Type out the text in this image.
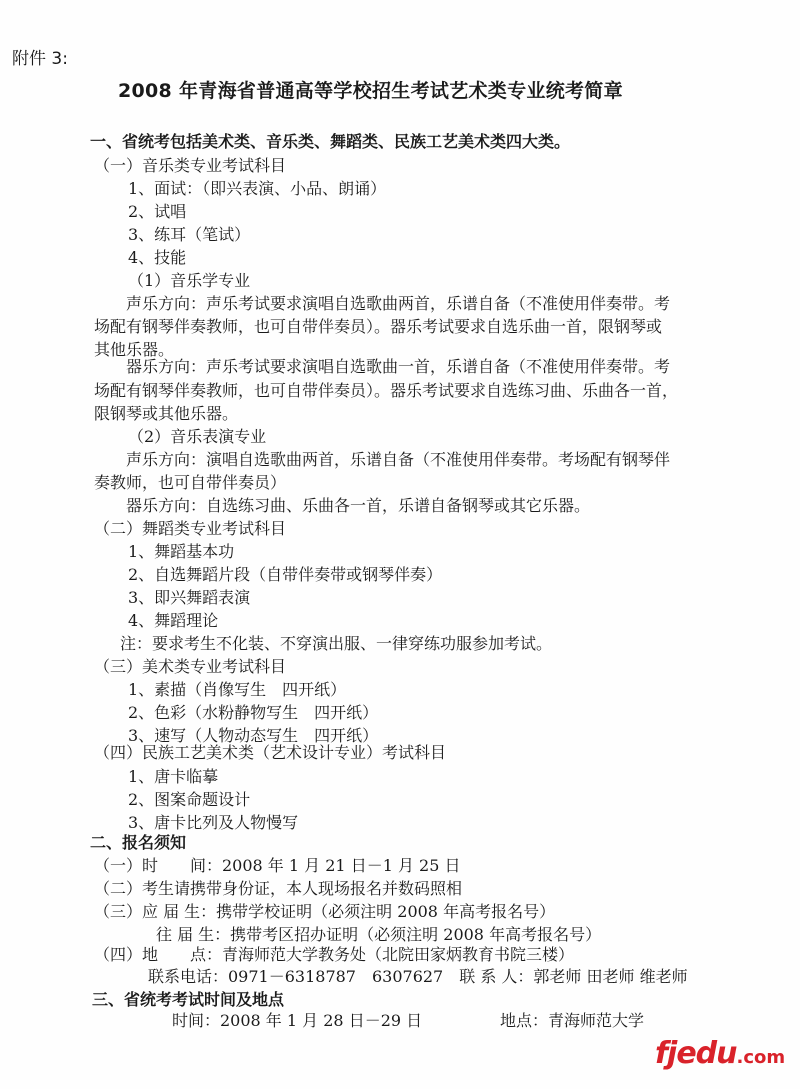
附件 3:
2008 年青海省普通高等学校招生考试艺术类专业统考简章
一、省统考包括美术类、音乐类、舞蹈类、民族工艺美术类四大类。
（一）音乐类专业考试科目
1、面试：（即兴表演、小品、朗诵）
2、试唱
3、练耳（笔试）
4、技能
（1）音乐学专业
声乐方向：声乐考试要求演唱自选歌曲两首，乐谱自备（不准使用伴奏带。考
场配有钢琴伴奏教师，也可自带伴奏员）。器乐考试要求自选乐曲一首，限钢琴或
其他乐器。
器乐方向：声乐考试要求演唱自选歌曲一首，乐谱自备（不准使用伴奏带。考
场配有钢琴伴奏教师，也可自带伴奏员）。器乐考试要求自选练习曲、乐曲各一首，
限钢琴或其他乐器。
（2）音乐表演专业
声乐方向：演唱自选歌曲两首，乐谱自备（不准使用伴奏带。考场配有钢琴伴
奏教师，也可自带伴奏员）
器乐方向：自选练习曲、乐曲各一首，乐谱自备钢琴或其它乐器。
（二）舞蹈类专业考试科目
1、舞蹈基本功
2、自选舞蹈片段（自带伴奏带或钢琴伴奏）
3、即兴舞蹈表演
4、舞蹈理论
注：要求考生不化装、不穿演出服、一律穿练功服参加考试。
（三）美术类专业考试科目
1、素描（肖像写生　四开纸）
2、色彩（水粉静物写生　四开纸）
3、速写（人物动态写生　四开纸）
（四）民族工艺美术类（艺术设计专业）考试科目
1、唐卡临摹
2、图案命题设计
3、唐卡比列及人物慢写
二、报名须知
（一）时　　间：2008 年 1 月 21 日－1 月 25 日
（二）考生请携带身份证，本人现场报名并数码照相
（三）应 届 生：携带学校证明（必须注明 2008 年高考报名号）
往 届 生：携带考区招办证明（必须注明 2008 年高考报名号）
（四）地　　点：青海师范大学教务处（北院田家炳教育书院三楼）
联系电话：0971－6318787　6307627　联 系 人：郭老师 田老师 维老师
三、省统考考试时间及地点
时间：2008 年 1 月 28 日－29 日	地点：青海师范大学
fjedu.com
